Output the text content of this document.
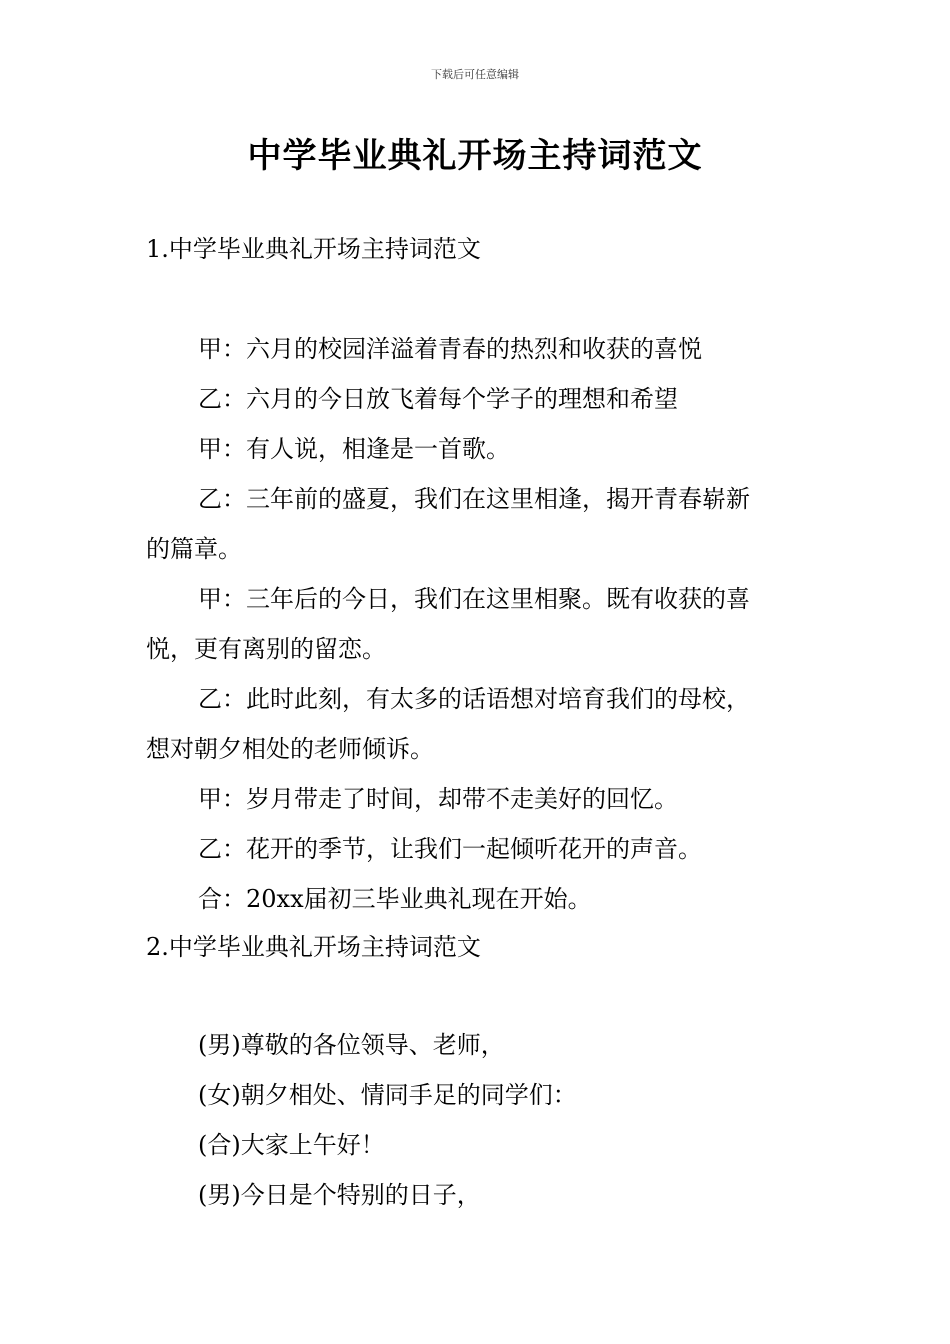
下载后可任意编辑
中学毕业典礼开场主持词范文
1.中学毕业典礼开场主持词范文
甲：六月的校园洋溢着青春的热烈和收获的喜悦
乙：六月的今日放飞着每个学子的理想和希望
甲：有人说，相逢是一首歌。
乙：三年前的盛夏，我们在这里相逢，揭开青春崭新
的篇章。
甲：三年后的今日，我们在这里相聚。既有收获的喜
悦，更有离别的留恋。
乙：此时此刻，有太多的话语想对培育我们的母校，
想对朝夕相处的老师倾诉。
甲：岁月带走了时间，却带不走美好的回忆。
乙：花开的季节，让我们一起倾听花开的声音。
合：20xx届初三毕业典礼现在开始。
2.中学毕业典礼开场主持词范文
(男)尊敬的各位领导、老师，
(女)朝夕相处、情同手足的同学们：
(合)大家上午好！
(男)今日是个特别的日子，
